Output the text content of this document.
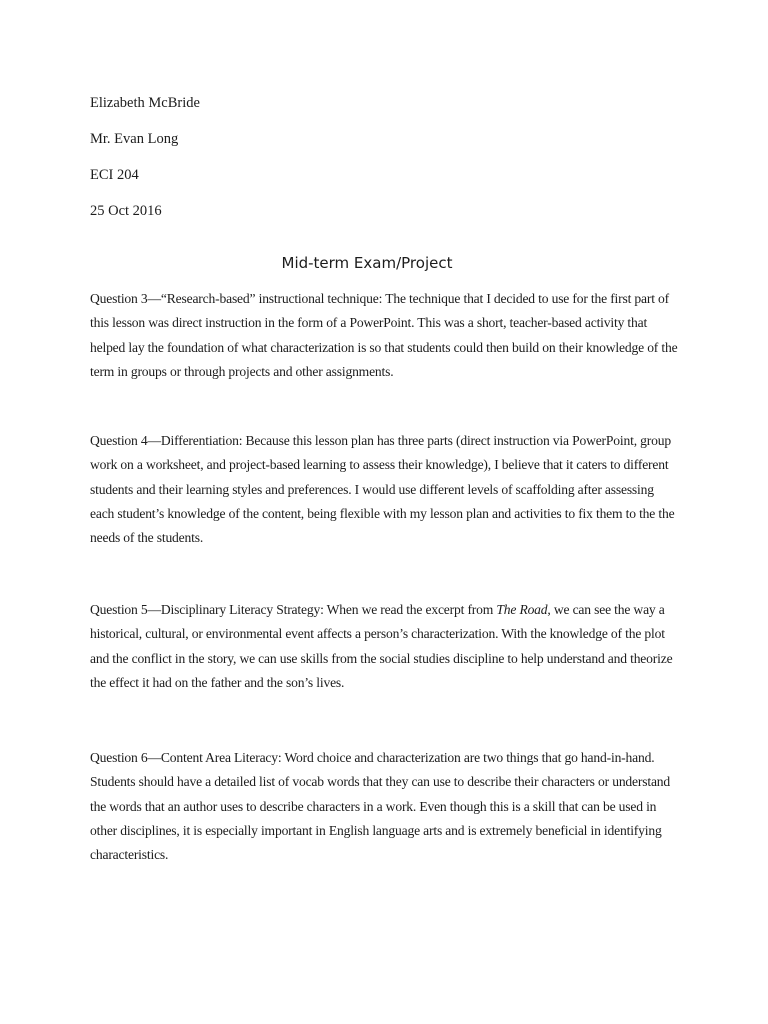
Elizabeth McBride
Mr. Evan Long
ECI 204
25 Oct 2016
Mid-term Exam/Project

Question 3—“Research-based” instructional technique: The technique that I decided to use for the first part of this lesson was direct instruction in the form of a PowerPoint. This was a short, teacher-based activity that helped lay the foundation of what characterization is so that students could then build on their knowledge of the term in groups or through projects and other assignments.

Question 4—Differentiation: Because this lesson plan has three parts (direct instruction via PowerPoint, group work on a worksheet, and project-based learning to assess their knowledge), I believe that it caters to different students and their learning styles and preferences. I would use different levels of scaffolding after assessing each student’s knowledge of the content, being flexible with my lesson plan and activities to fix them to the the needs of the students.

Question 5—Disciplinary Literacy Strategy: When we read the excerpt from The Road, we can see the way a historical, cultural, or environmental event affects a person’s characterization. With the knowledge of the plot and the conflict in the story, we can use skills from the social studies discipline to help understand and theorize the effect it had on the father and the son’s lives.

Question 6—Content Area Literacy: Word choice and characterization are two things that go hand-in-hand. Students should have a detailed list of vocab words that they can use to describe their characters or understand the words that an author uses to describe characters in a work. Even though this is a skill that can be used in other disciplines, it is especially important in English language arts and is extremely beneficial in identifying characteristics.
